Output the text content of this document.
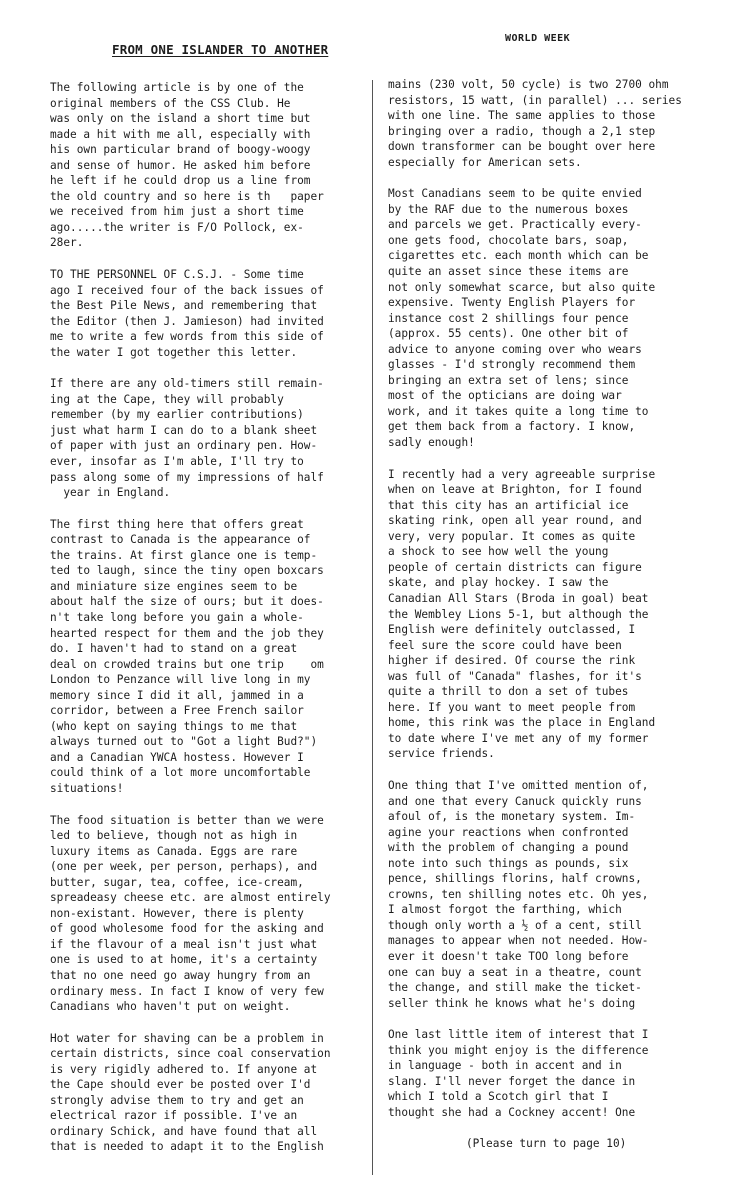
FROM ONE ISLANDER TO ANOTHER
WORLD WEEK

The following article is by one of the
original members of the CSS Club. He
was only on the island a short time but
made a hit with me all, especially with
his own particular brand of boogy-woogy
and sense of humor. He asked him before
he left if he could drop us a line from
the old country and so here is th   paper
we received from him just a short time
ago.....the writer is F/O Pollock, ex-
28er.

TO THE PERSONNEL OF C.S.J. - Some time
ago I received four of the back issues of
the Best Pile News, and remembering that
the Editor (then J. Jamieson) had invited
me to write a few words from this side of
the water I got together this letter.

If there are any old-timers still remain-
ing at the Cape, they will probably
remember (by my earlier contributions)
just what harm I can do to a blank sheet
of paper with just an ordinary pen. How-
ever, insofar as I'm able, I'll try to
pass along some of my impressions of half
year in England.

The first thing here that offers great
contrast to Canada is the appearance of
the trains. At first glance one is temp-
ted to laugh, since the tiny open boxcars
and miniature size engines seem to be
about half the size of ours; but it does-
n't take long before you gain a whole-
hearted respect for them and the job they
do. I haven't had to stand on a great
deal on crowded trains but one trip    om
London to Penzance will live long in my
memory since I did it all, jammed in a
corridor, between a Free French sailor
(who kept on saying things to me that
always turned out to "Got a light Bud?")
and a Canadian YWCA hostess. However I
could think of a lot more uncomfortable
situations!

The food situation is better than we were
led to believe, though not as high in
luxury items as Canada. Eggs are rare
(one per week, per person, perhaps), and
butter, sugar, tea, coffee, ice-cream,
spreadeasy cheese etc. are almost entirely
non-existant. However, there is plenty
of good wholesome food for the asking and
if the flavour of a meal isn't just what
one is used to at home, it's a certainty
that no one need go away hungry from an
ordinary mess. In fact I know of very few
Canadians who haven't put on weight.

Hot water for shaving can be a problem in
certain districts, since coal conservation
is very rigidly adhered to. If anyone at
the Cape should ever be posted over I'd
strongly advise them to try and get an
electrical razor if possible. I've an
ordinary Schick, and have found that all
that is needed to adapt it to the English

mains (230 volt, 50 cycle) is two 2700 ohm
resistors, 15 watt, (in parallel) ... series
with one line. The same applies to those
bringing over a radio, though a 2,1 step
down transformer can be bought over here
especially for American sets.

Most Canadians seem to be quite envied
by the RAF due to the numerous boxes
and parcels we get. Practically every-
one gets food, chocolate bars, soap,
cigarettes etc. each month which can be
quite an asset since these items are
not only somewhat scarce, but also quite
expensive. Twenty English Players for
instance cost 2 shillings four pence
(approx. 55 cents). One other bit of
advice to anyone coming over who wears
glasses - I'd strongly recommend them
bringing an extra set of lens; since
most of the opticians are doing war
work, and it takes quite a long time to
get them back from a factory. I know,
sadly enough!

I recently had a very agreeable surprise
when on leave at Brighton, for I found
that this city has an artificial ice
skating rink, open all year round, and
very, very popular. It comes as quite
a shock to see how well the young
people of certain districts can figure
skate, and play hockey. I saw the
Canadian All Stars (Broda in goal) beat
the Wembley Lions 5-1, but although the
English were definitely outclassed, I
feel sure the score could have been
higher if desired. Of course the rink
was full of "Canada" flashes, for it's
quite a thrill to don a set of tubes
here. If you want to meet people from
home, this rink was the place in England
to date where I've met any of my former
service friends.

One thing that I've omitted mention of,
and one that every Canuck quickly runs
afoul of, is the monetary system. Im-
agine your reactions when confronted
with the problem of changing a pound
note into such things as pounds, six
pence, shillings florins, half crowns,
crowns, ten shilling notes etc. Oh yes,
I almost forgot the farthing, which
though only worth a ½ of a cent, still
manages to appear when not needed. How-
ever it doesn't take TOO long before
one can buy a seat in a theatre, count
the change, and still make the ticket-
seller think he knows what he's doing

One last little item of interest that I
think you might enjoy is the difference
in language - both in accent and in
slang. I'll never forget the dance in
which I told a Scotch girl that I
thought she had a Cockney accent! One

(Please turn to page 10)
